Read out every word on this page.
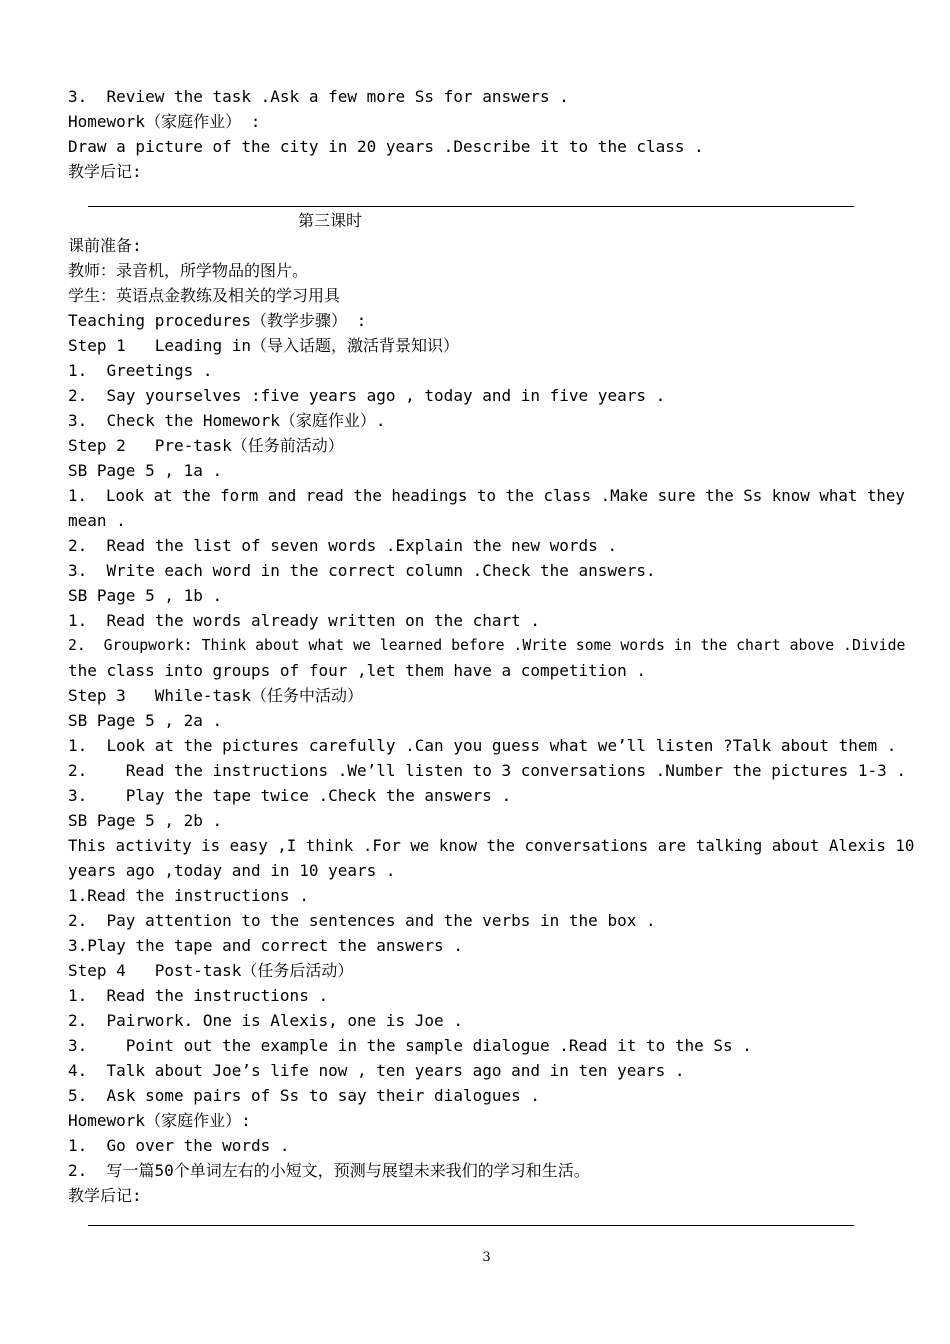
3.  Review the task .Ask a few more Ss for answers .
Homework（家庭作业） :
Draw a picture of the city in 20 years .Describe it to the class .
教学后记:
第三课时
课前准备:
教师：录音机，所学物品的图片。
学生：英语点金教练及相关的学习用具
Teaching procedures（教学步骤） :
Step 1   Leading in（导入话题，激活背景知识）
1.  Greetings .
2.  Say yourselves :five years ago , today and in five years .
3.  Check the Homework（家庭作业）.
Step 2   Pre-task（任务前活动）
SB Page 5 , 1a .
1.  Look at the form and read the headings to the class .Make sure the Ss know what they
mean .
2.  Read the list of seven words .Explain the new words .
3.  Write each word in the correct column .Check the answers.
SB Page 5 , 1b .
1.  Read the words already written on the chart .
2.  Groupwork: Think about what we learned before .Write some words in the chart above .Divide
the class into groups of four ,let them have a competition .
Step 3   While-task（任务中活动）
SB Page 5 , 2a .
1.  Look at the pictures carefully .Can you guess what we’ll listen ?Talk about them .
2.    Read the instructions .We’ll listen to 3 conversations .Number the pictures 1-3 .
3.    Play the tape twice .Check the answers .
SB Page 5 , 2b .
This activity is easy ,I think .For we know the conversations are talking about Alexis 10
years ago ,today and in 10 years .
1.Read the instructions .
2.  Pay attention to the sentences and the verbs in the box .
3.Play the tape and correct the answers .
Step 4   Post-task（任务后活动）
1.  Read the instructions .
2.  Pairwork. One is Alexis, one is Joe .
3.    Point out the example in the sample dialogue .Read it to the Ss .
4.  Talk about Joe’s life now , ten years ago and in ten years .
5.  Ask some pairs of Ss to say their dialogues .
Homework（家庭作业）:
1.  Go over the words .
2.  写一篇50个单词左右的小短文，预测与展望未来我们的学习和生活。
教学后记:
3
